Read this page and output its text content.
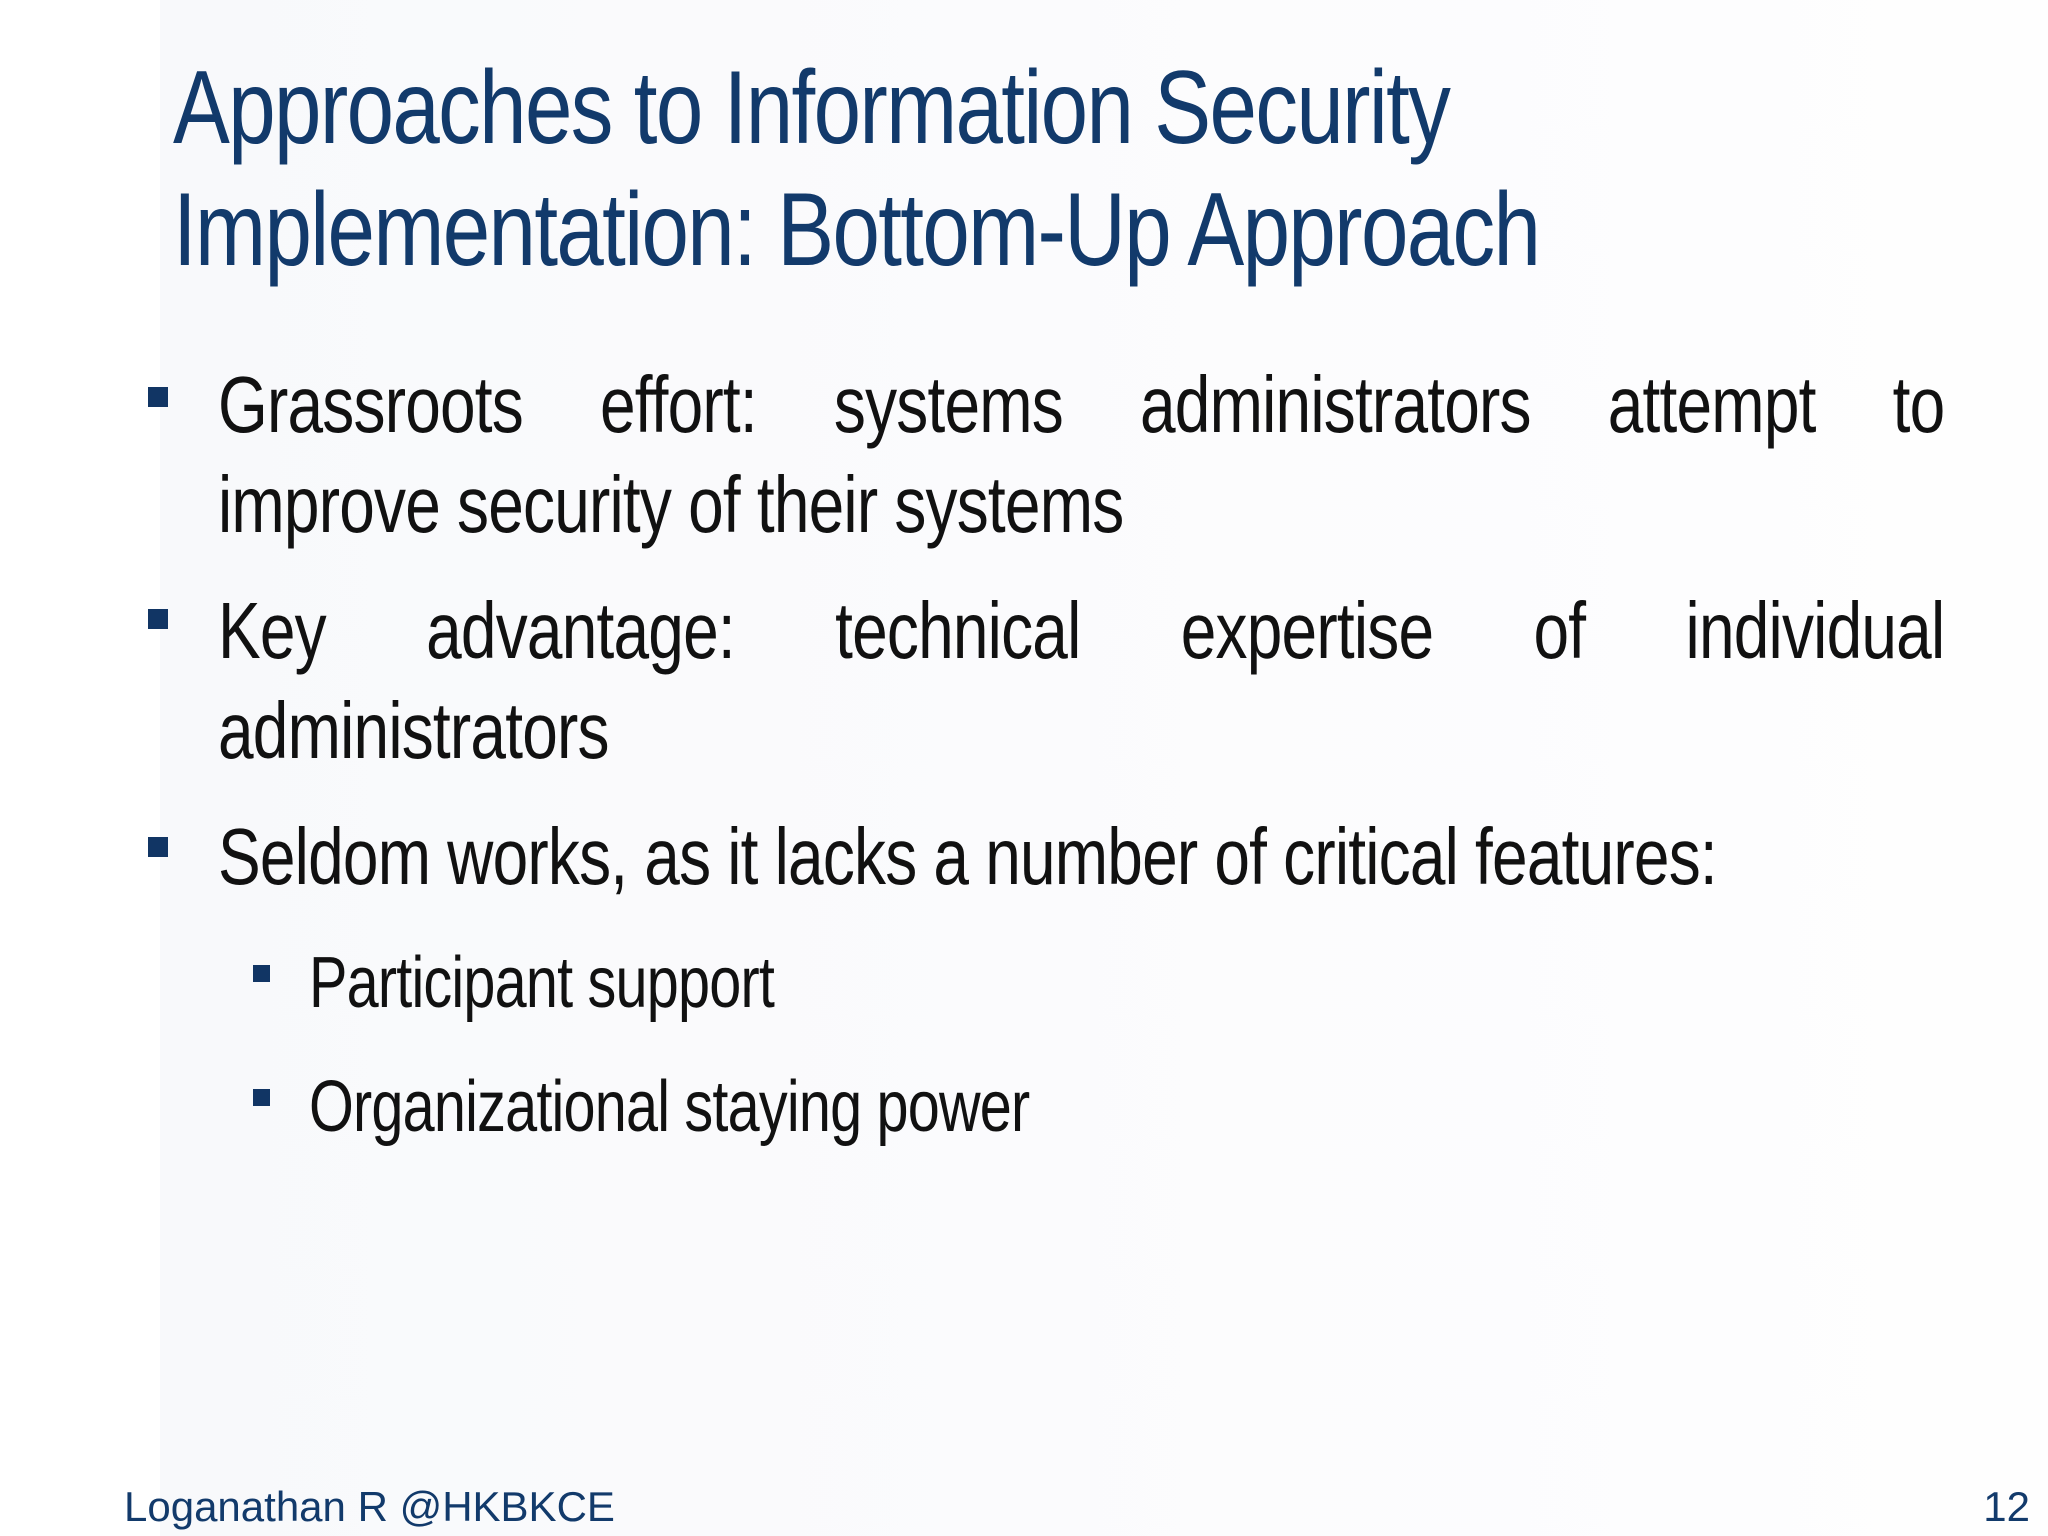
Approaches to Information Security
Implementation: Bottom-Up Approach
Grassroots effort: systems administrators attempt to
improve security of their systems
Key advantage: technical expertise of individual
administrators
Seldom works, as it lacks a number of critical features:
Participant support
Organizational staying power
Loganathan R @HKBKCE	12
